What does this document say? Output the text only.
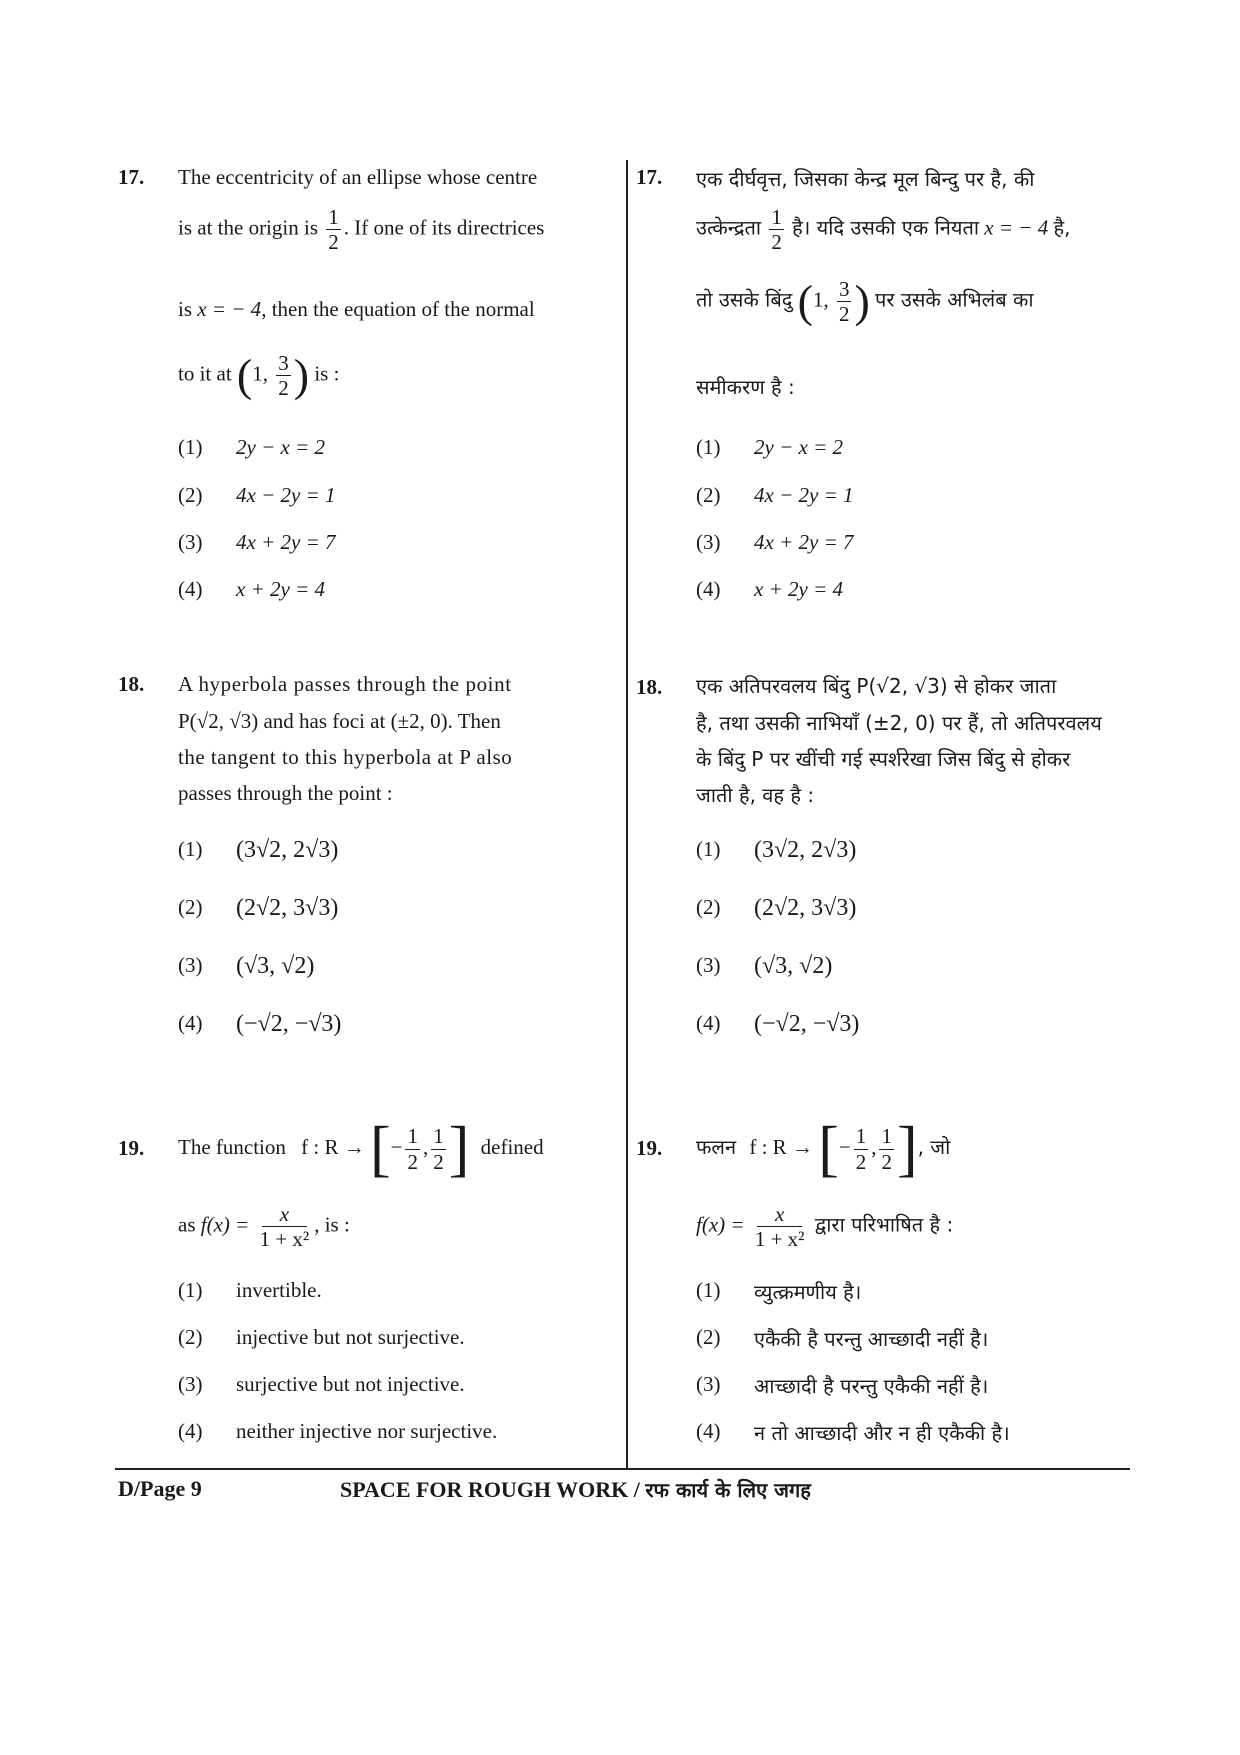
17. The eccentricity of an ellipse whose centre
is at the origin is $\frac{1}{2}$ . If one of its directrices
is x = − 4, then the equation of the normal
to it at (1, $\frac{3}{2}$ ) is :
(1) 2y − x = 2
(2) 4x − 2y = 1
(3) 4x + 2y = 7
(4) x + 2y = 4
17. एक दीर्घवृत्त, जिसका केन्द्र मूल बिन्दु पर है, की
उत्केन्द्रता $\frac{1}{2}$ है। यदि उसकी एक नियता x = − 4 है,
तो उसके बिंदु (1, $\frac{3}{2}$ ) पर उसके अभिलंब का
समीकरण है :
(1) 2y − x = 2
(2) 4x − 2y = 1
(3) 4x + 2y = 7
(4) x + 2y = 4
18. A hyperbola passes through the point
P(√2, √3) and has foci at (±2, 0). Then
the tangent to this hyperbola at P also
passes through the point :
(1) (3√2, 2√3)
(2) (2√2, 3√3)
(3) (√3, √2)
(4) (−√2, −√3)
18. एक अतिपरवलय बिंदु P(√2, √3) से होकर जाता
है, तथा उसकी नाभियाँ (±2, 0) पर हैं, तो अतिपरवलय
के बिंदु P पर खींची गई स्पर्शरेखा जिस बिंदु से होकर
जाती है, वह है :
(1) (3√2, 2√3)
(2) (2√2, 3√3)
(3) (√3, √2)
(4) (−√2, −√3)
19. The function f : R → [− $\frac{1}{2}$ , $\frac{1}{2}$ ] defined
as $f(x) = \frac{x}{\text{1 + x²}}$ , is :
(1) invertible.
(2) injective but not surjective.
(3) surjective but not injective.
(4) neither injective nor surjective.
19. फलन f : R → [− $\frac{1}{2}$ , $\frac{1}{2}$ ], जो
$f(x) = \frac{x}{\text{1 + x²}}$ द्वारा परिभाषित है :
(1) व्युत्क्रमणीय है।
(2) एकैकी है परन्तु आच्छादी नहीं है।
(3) आच्छादी है परन्तु एकैकी नहीं है।
(4) न तो आच्छादी और न ही एकैकी है।
D/Page 9	SPACE FOR ROUGH WORK / रफ कार्य के लिए जगह
